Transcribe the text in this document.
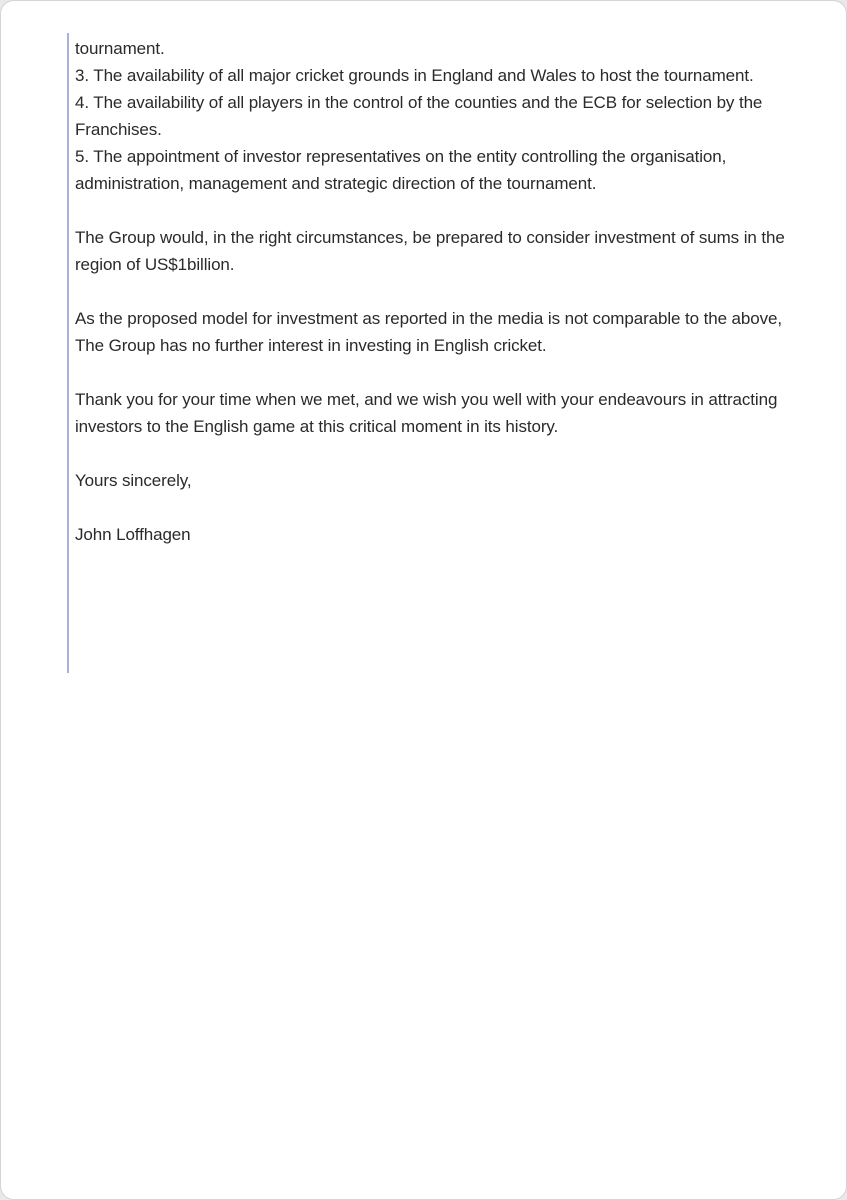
tournament.
3. The availability of all major cricket grounds in England and Wales to host the tournament.
4. The availability of all players in the control of the counties and the ECB for selection by the Franchises.
5. The appointment of investor representatives on the entity controlling the organisation, administration, management and strategic direction of the tournament.

The Group would, in the right circumstances, be prepared to consider investment of sums in the region of US$1billion.

As the proposed model for investment as reported in the media is not comparable to the above, The Group has no further interest in investing in English cricket.

Thank you for your time when we met, and we wish you well with your endeavours in attracting investors to the English game at this critical moment in its history.

Yours sincerely,

John Loffhagen
